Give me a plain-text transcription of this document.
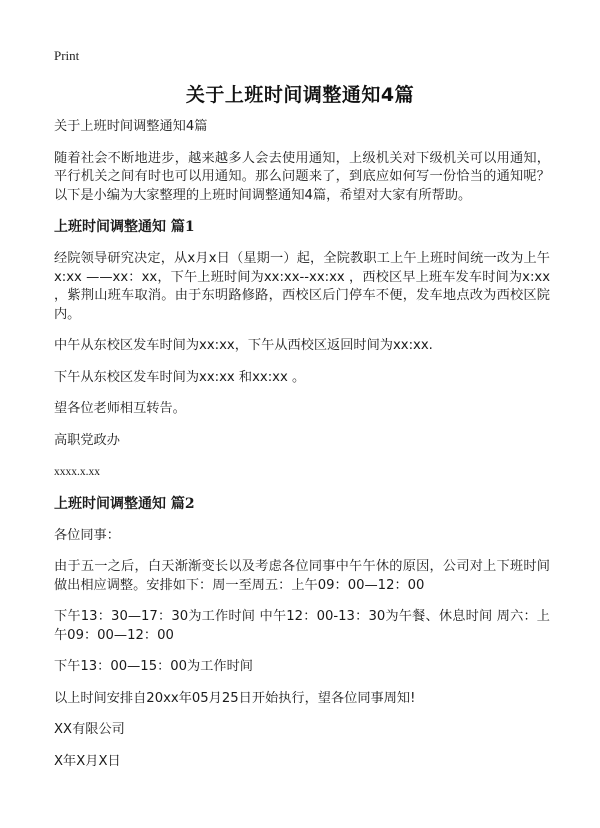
Print
关于上班时间调整通知4篇

关于上班时间调整通知4篇

随着社会不断地进步，越来越多人会去使用通知，上级机关对下级机关可以用通知，平行机关之间有时也可以用通知。那么问题来了，到底应如何写一份恰当的通知呢？以下是小编为大家整理的上班时间调整通知4篇，希望对大家有所帮助。

上班时间调整通知 篇1

经院领导研究决定，从x月x日（星期一）起，全院教职工上午上班时间统一改为上午x:xx ——xx：xx，下午上班时间为xx:xx--xx:xx ，西校区早上班车发车时间为x:xx ，紫荆山班车取消。由于东明路修路，西校区后门停车不便，发车地点改为西校区院内。

中午从东校区发车时间为xx:xx，下午从西校区返回时间为xx:xx.

下午从东校区发车时间为xx:xx 和xx:xx 。

望各位老师相互转告。

高职党政办

xxxx.x.xx

上班时间调整通知 篇2

各位同事：

由于五一之后，白天渐渐变长以及考虑各位同事中午午休的原因，公司对上下班时间做出相应调整。安排如下：周一至周五：上午09：00—12：00

下午13：30—17：30为工作时间 中午12：00-13：30为午餐、休息时间 周六：上午09：00—12：00

下午13：00—15：00为工作时间

以上时间安排自20xx年05月25日开始执行，望各位同事周知!

XX有限公司

X年X月X日
